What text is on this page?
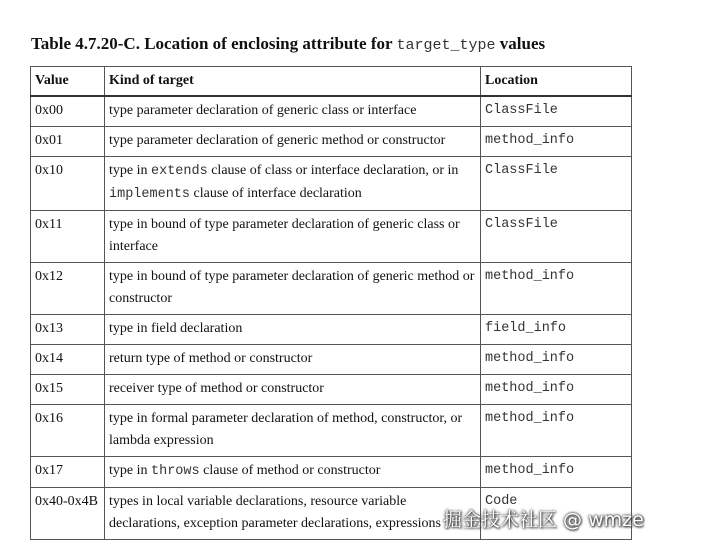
Table 4.7.20-C. Location of enclosing attribute for target_type values
Value	Kind of target	Location
0x00	type parameter declaration of generic class or interface	ClassFile
0x01	type parameter declaration of generic method or constructor	method_info
0x10	type in extends clause of class or interface declaration, or in implements clause of interface declaration	ClassFile
0x11	type in bound of type parameter declaration of generic class or interface	ClassFile
0x12	type in bound of type parameter declaration of generic method or constructor	method_info
0x13	type in field declaration	field_info
0x14	return type of method or constructor	method_info
0x15	receiver type of method or constructor	method_info
0x16	type in formal parameter declaration of method, constructor, or lambda expression	method_info
0x17	type in throws clause of method or constructor	method_info
0x40-0x4B	types in local variable declarations, resource variable declarations, exception parameter declarations, expressions	Code
掘金技术社区 @ wmze
